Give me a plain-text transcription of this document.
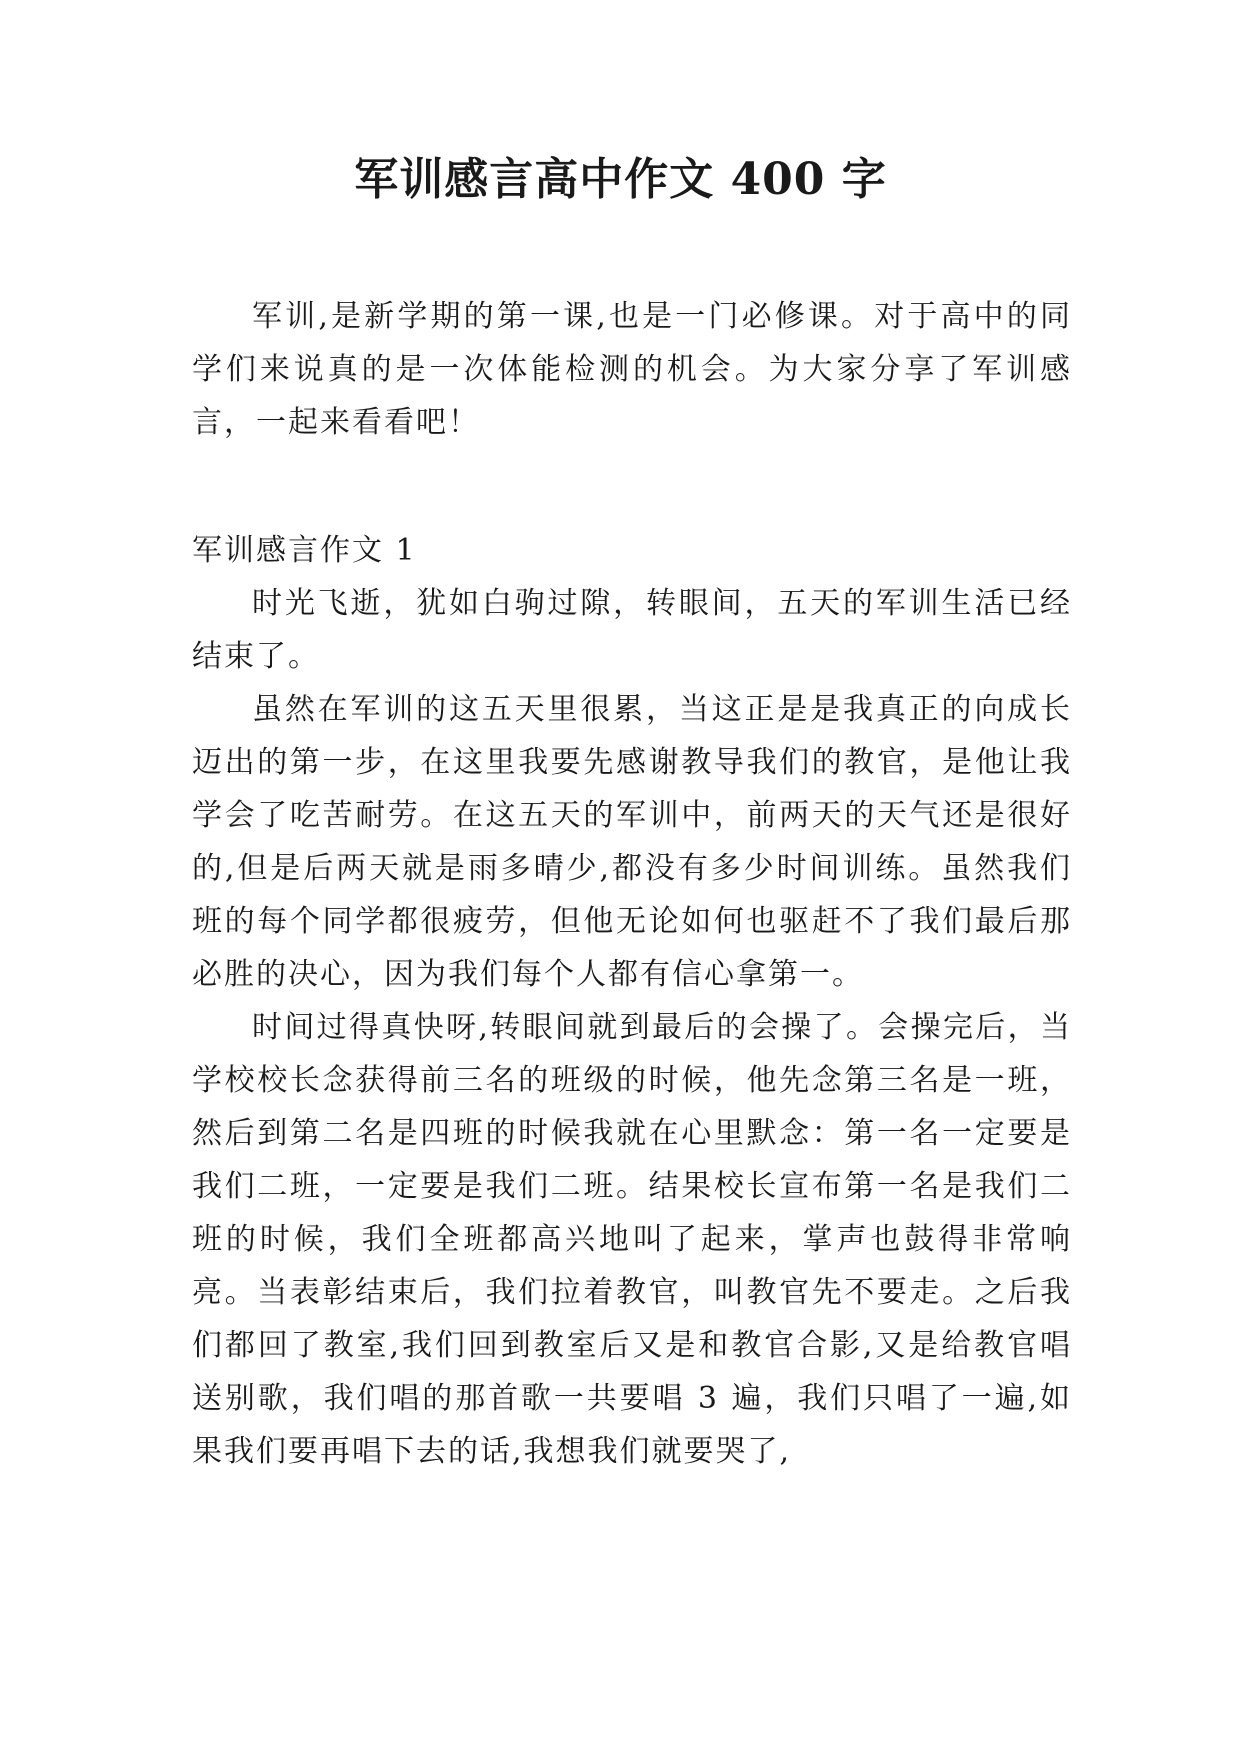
军训感言高中作文 400 字

军训,是新学期的第一课,也是一门必修课。对于高中的同学们来说真的是一次体能检测的机会。为大家分享了军训感言，一起来看看吧！

军训感言作文 1

时光飞逝，犹如白驹过隙，转眼间，五天的军训生活已经结束了。

虽然在军训的这五天里很累，当这正是是我真正的向成长迈出的第一步，在这里我要先感谢教导我们的教官，是他让我学会了吃苦耐劳。在这五天的军训中，前两天的天气还是很好的,但是后两天就是雨多晴少,都没有多少时间训练。虽然我们班的每个同学都很疲劳，但他无论如何也驱赶不了我们最后那必胜的决心，因为我们每个人都有信心拿第一。

时间过得真快呀,转眼间就到最后的会操了。会操完后，当学校校长念获得前三名的班级的时候，他先念第三名是一班，然后到第二名是四班的时候我就在心里默念：第一名一定要是我们二班，一定要是我们二班。结果校长宣布第一名是我们二班的时候，我们全班都高兴地叫了起来，掌声也鼓得非常响亮。当表彰结束后，我们拉着教官，叫教官先不要走。之后我们都回了教室,我们回到教室后又是和教官合影,又是给教官唱送别歌，我们唱的那首歌一共要唱 3 遍，我们只唱了一遍,如果我们要再唱下去的话,我想我们就要哭了,
